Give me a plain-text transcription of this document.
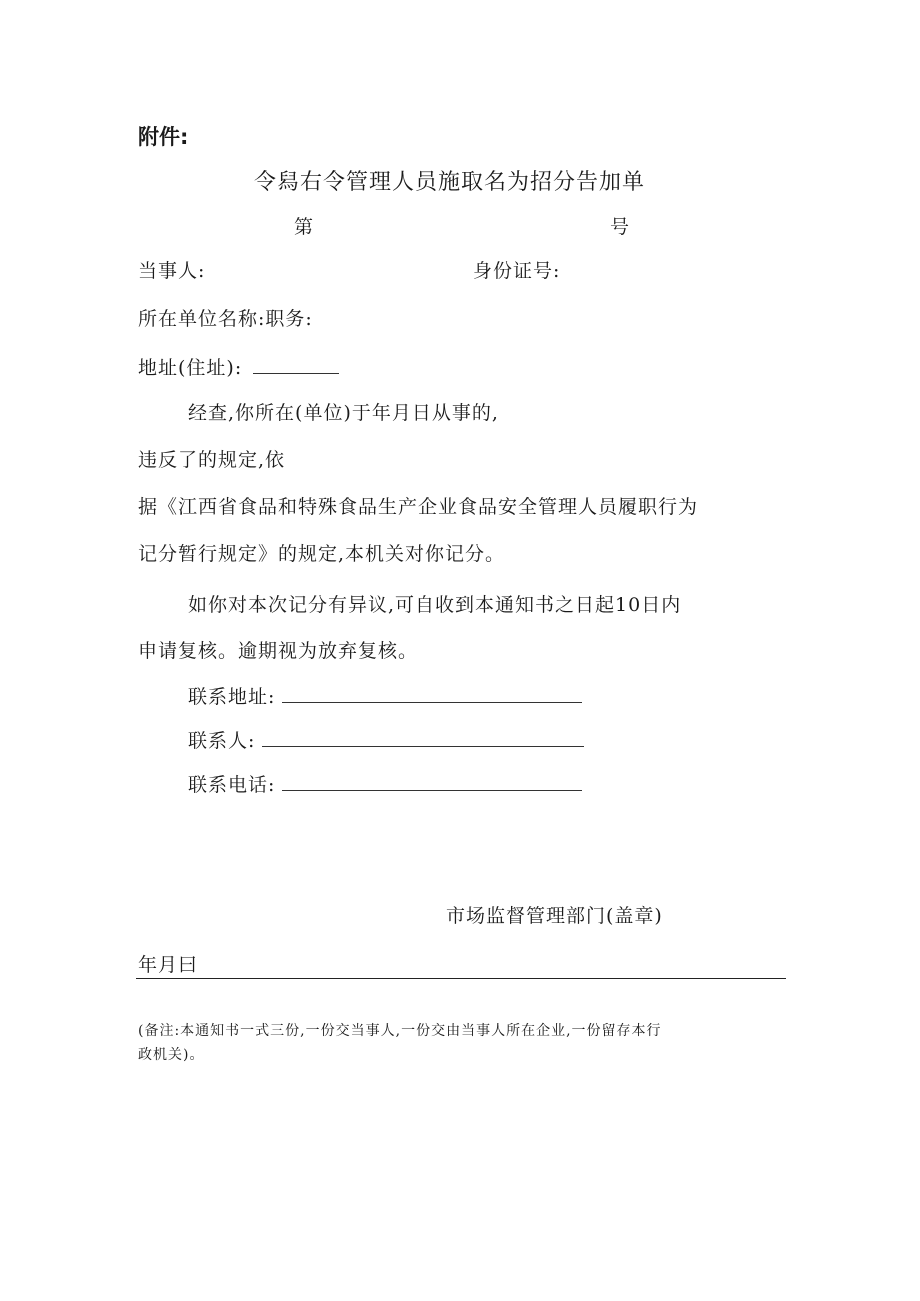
附件:
令舄右令管理人员施取名为招分告加单
第	号
当事人:	身份证号:
所在单位名称:职务:
地址(住址):
经查,你所在(单位)于年月日从事的,
违反了的规定,依
据《江西省食品和特殊食品生产企业食品安全管理人员履职行为
记分暂行规定》的规定,本机关对你记分。
如你对本次记分有异议,可自收到本通知书之日起10日内
申请复核。逾期视为放弃复核。
联系地址:
联系人:
联系电话:
市场监督管理部门(盖章)
年月曰
(备注:本通知书一式三份,一份交当事人,一份交由当事人所在企业,一份留存本行
政机关)。
